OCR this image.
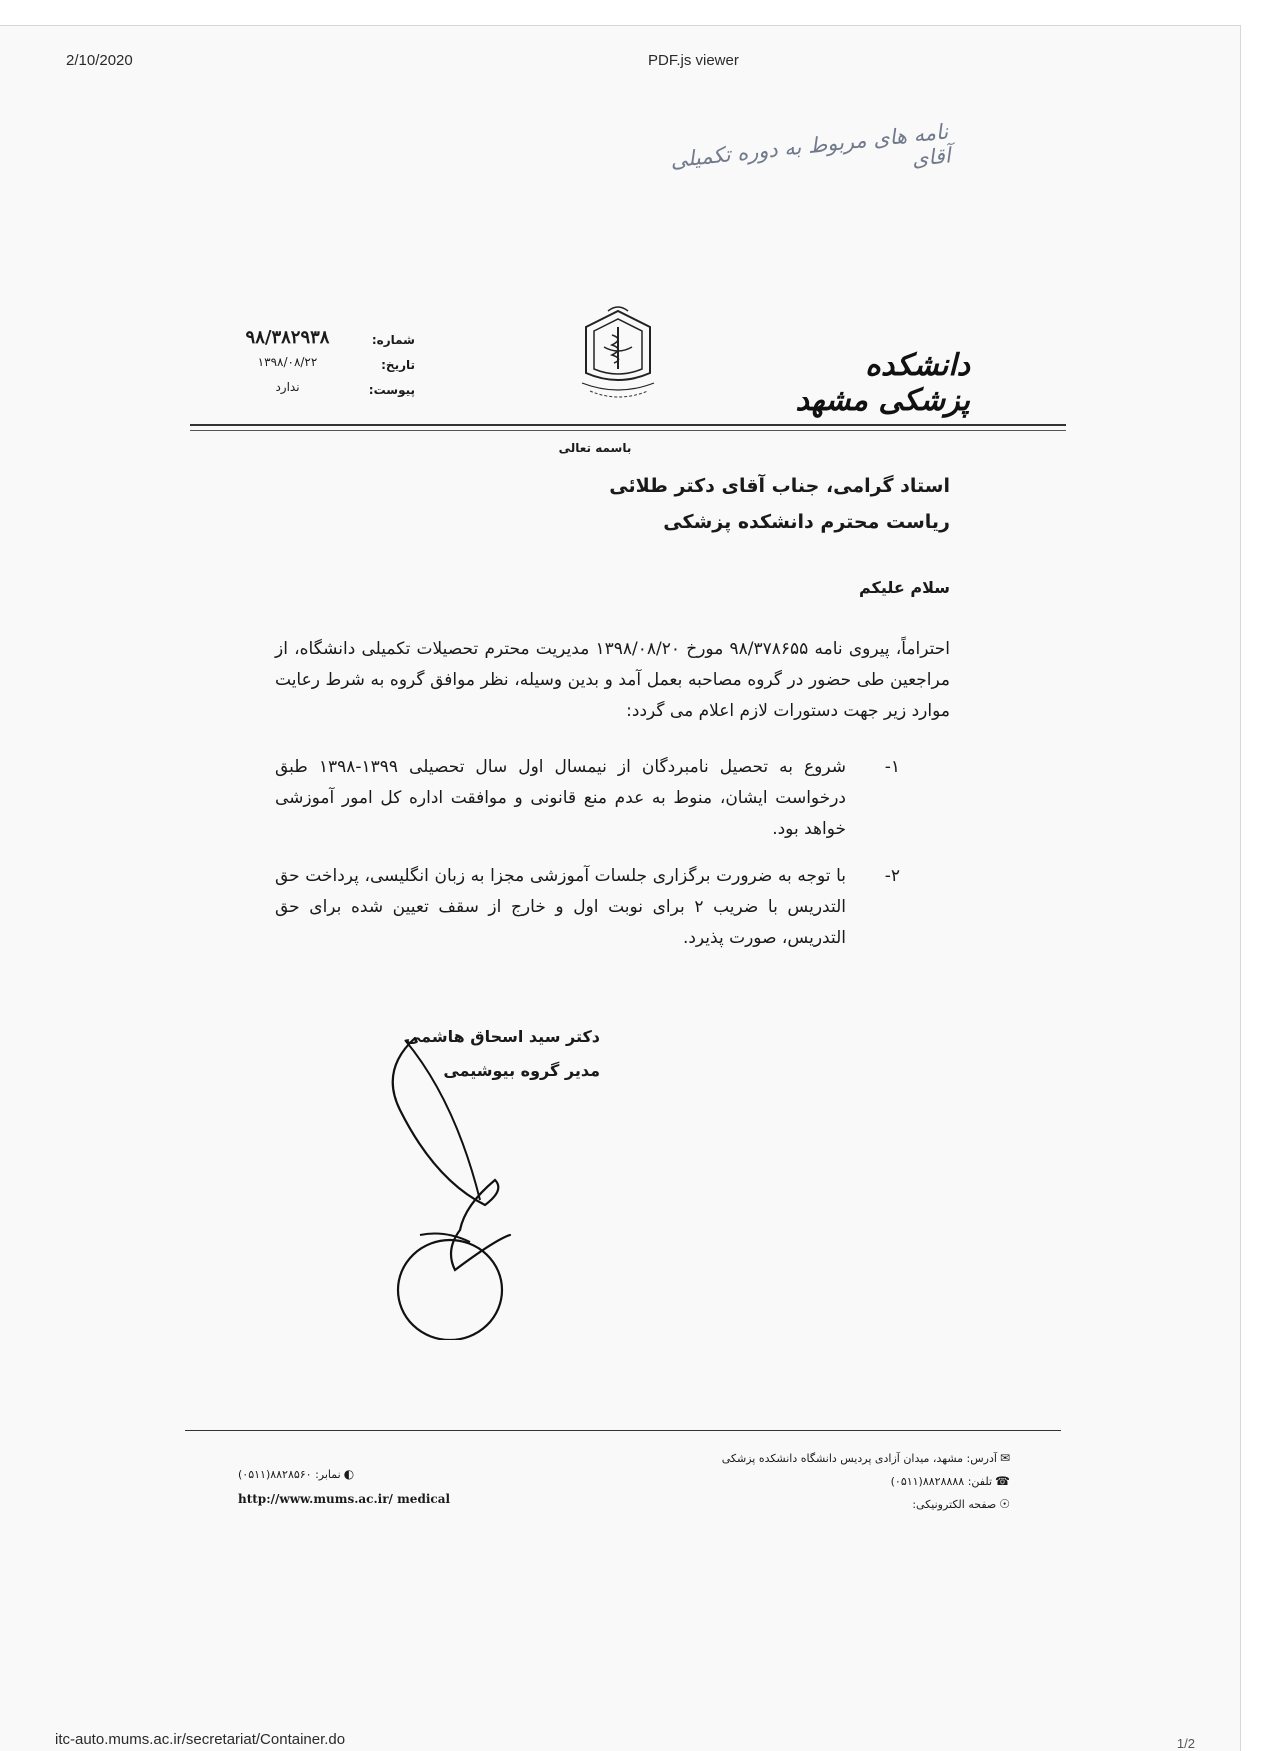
2/10/2020	PDF.js viewer
itc-auto.mums.ac.ir/secretariat/Container.do	1/2
نامه های مربوط به دوره تکمیلی آقای
دانشکده پزشکی مشهد
شماره:
تاریخ:
پیوست:
۹۸/۳۸۲۹۳۸
۱۳۹۸/۰۸/۲۲
ندارد
باسمه تعالی
استاد گرامی، جناب آقای دکتر طلائی
ریاست محترم دانشکده پزشکی
سلام علیکم
احتراماً، پیروی نامه ۹۸/۳۷۸۶۵۵ مورخ ۱۳۹۸/۰۸/۲۰ مدیریت محترم تحصیلات تکمیلی دانشگاه، از مراجعین طی حضور در گروه مصاحبه بعمل آمد و بدین وسیله، نظر موافق گروه به شرط رعایت موارد زیر جهت دستورات لازم اعلام می گردد:
۱-
شروع به تحصیل نامبردگان از نیمسال اول سال تحصیلی ۱۳۹۹-۱۳۹۸ طبق درخواست ایشان، منوط به عدم منع قانونی و موافقت اداره کل امور آموزشی خواهد بود.
۲-
با توجه به ضرورت برگزاری جلسات آموزشی مجزا به زبان انگلیسی، پرداخت حق التدریس با ضریب ۲ برای نوبت اول و خارج از سقف تعیین شده برای حق التدریس، صورت پذیرد.
دکتر سید اسحاق هاشمی
مدیر گروه بیوشیمی
◐نمابر: ۸۸۲۸۵۶۰(۰۵۱۱)
http://www.mums.ac.ir/ medical
✉آدرس: مشهد، میدان آزادی پردیس دانشگاه دانشکده پزشکی
☎تلفن: ۸۸۲۸۸۸۸(۰۵۱۱)
☉صفحه الکترونیکی:
